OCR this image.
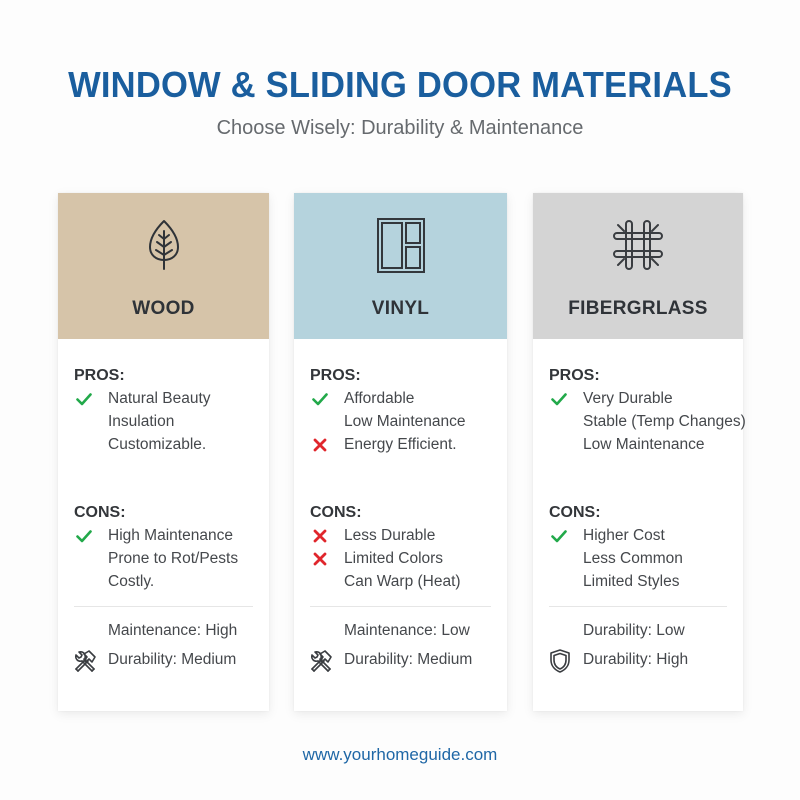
WINDOW & SLIDING DOOR MATERIALS
Choose Wisely: Durability & Maintenance
WOOD
PROS:
Natural Beauty
Insulation
Customizable.
CONS:
High Maintenance
Prone to Rot/Pests
Costly.
Maintenance: High
Durability: Medium
VINYL
PROS:
Affordable
Low Maintenance
Energy Efficient.
CONS:
Less Durable
Limited Colors
Can Warp (Heat)
Maintenance: Low
Durability: Medium
FIBERGRLASS
PROS:
Very Durable
Stable (Temp Changes)
Low Maintenance
CONS:
Higher Cost
Less Common
Limited Styles
Durability: Low
Durability: High
www.yourhomeguide.com
